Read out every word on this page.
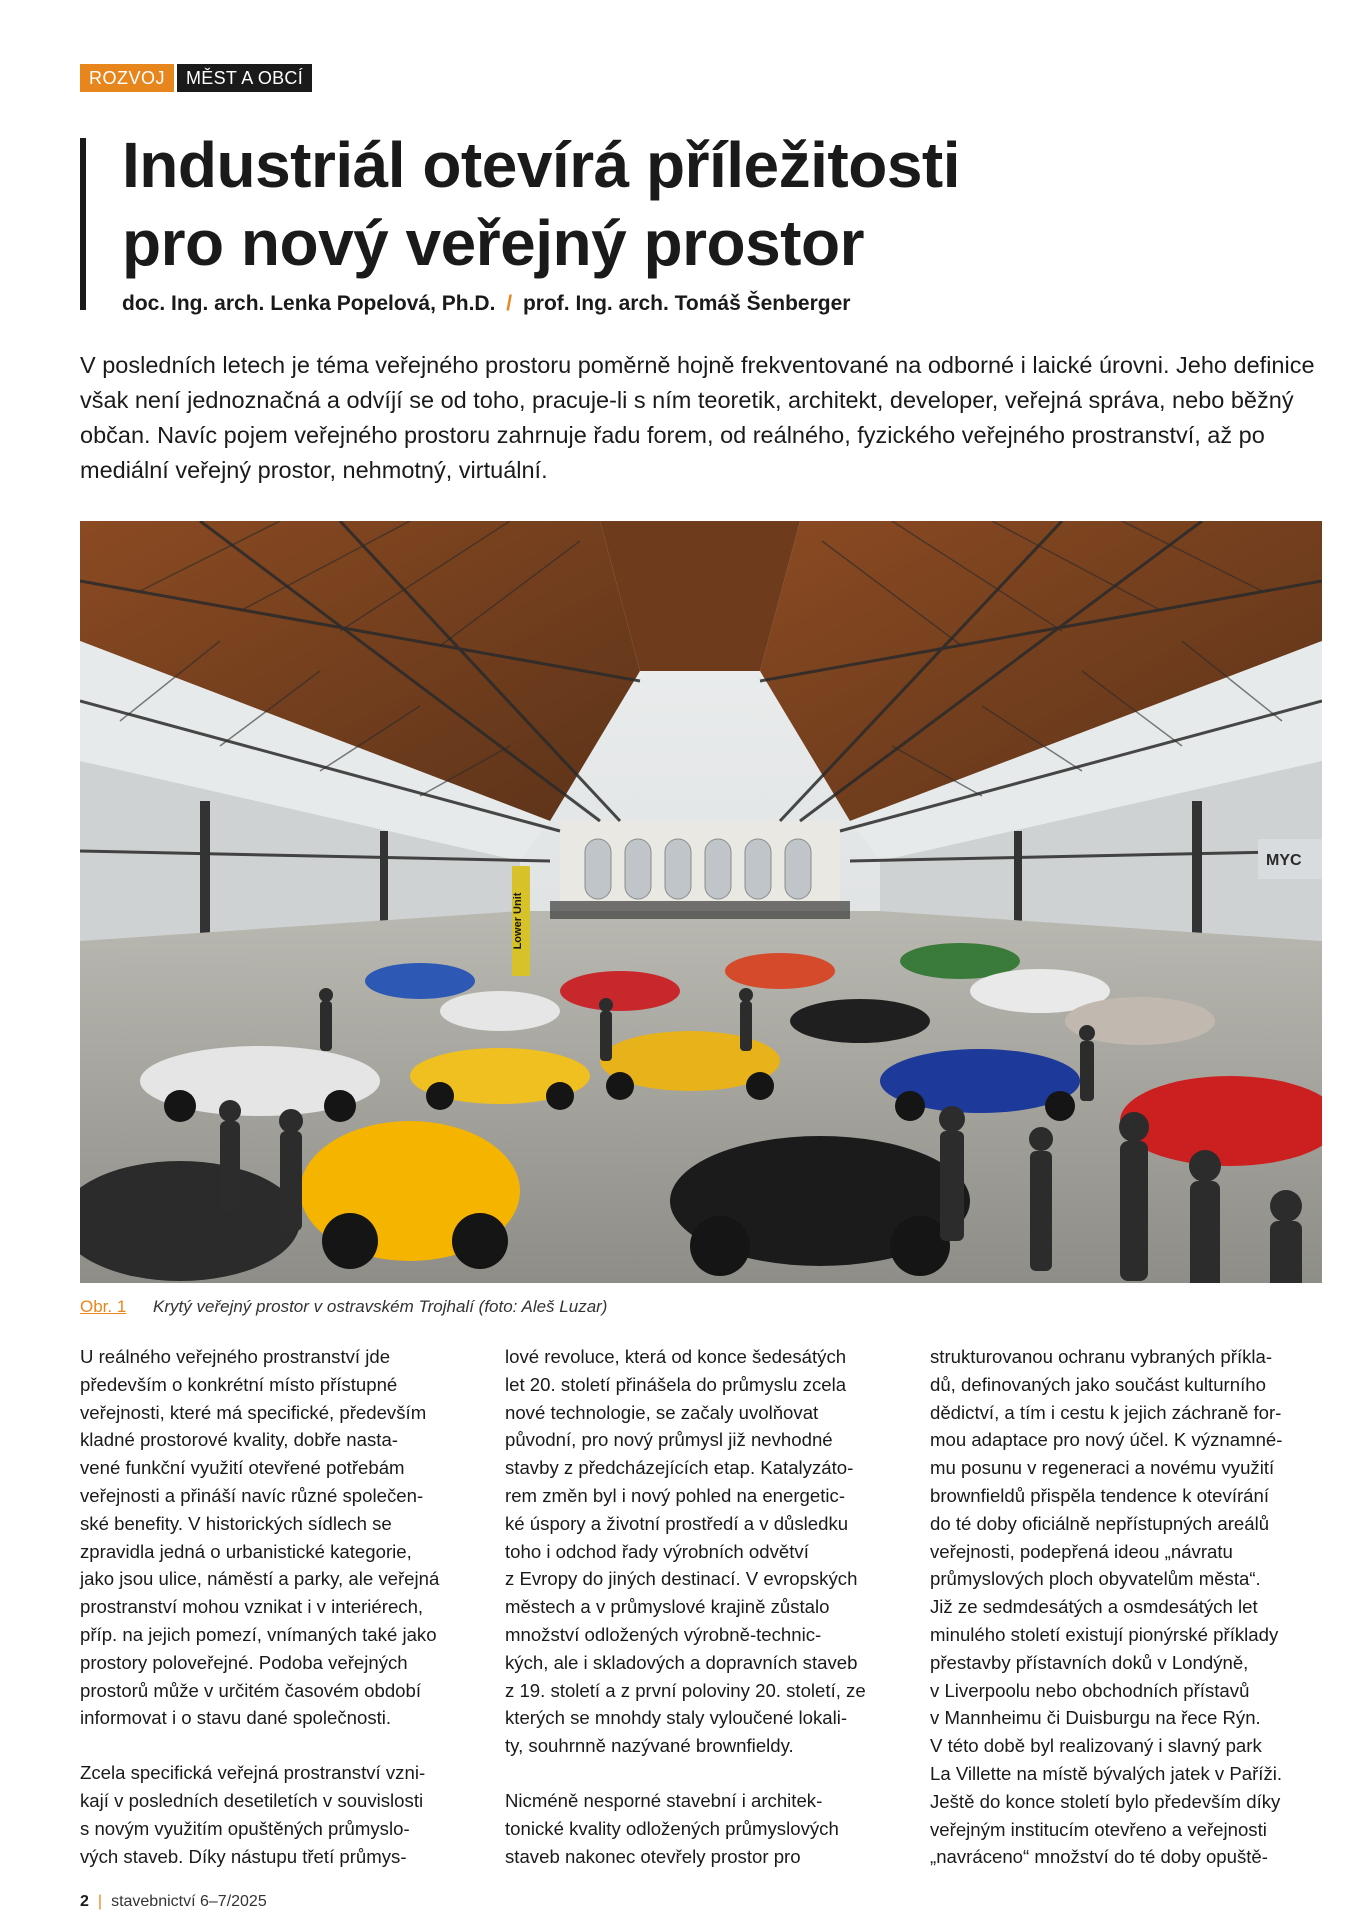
ROZVOJ	MĚST A OBCÍ
Industriál otevírá příležitosti
pro nový veřejný prostor
doc. Ing. arch. Lenka Popelová, Ph.D. / prof. Ing. arch. Tomáš Šenberger

V posledních letech je téma veřejného prostoru poměrně hojně frekventované na odborné i laické úrovni. Jeho definice však není jednoznačná a odvíjí se od toho, pracuje-li s ním teoretik, architekt, developer, veřejná správa, nebo běžný občan. Navíc pojem veřejného prostoru zahrnuje řadu forem, od reálného, fyzického veřejného prostranství, až po mediální veřejný prostor, nehmotný, virtuální.

Lower Unit
MYC
Obr. 1 Krytý veřejný prostor v ostravském Trojhalí (foto: Aleš Luzar)

U reálného veřejného prostranství jde
především o konkrétní místo přístupné
veřejnosti, které má specifické, především
kladné prostorové kvality, dobře nasta-
vené funkční využití otevřené potřebám
veřejnosti a přináší navíc různé společen-
ské benefity. V historických sídlech se
zpravidla jedná o urbanistické kategorie,
jako jsou ulice, náměstí a parky, ale veřejná
prostranství mohou vznikat i v interiérech,
příp. na jejich pomezí, vnímaných také jako
prostory poloveřejné. Podoba veřejných
prostorů může v určitém časovém období
informovat i o stavu dané společnosti.

Zcela specifická veřejná prostranství vzni-
kají v posledních desetiletích v souvislosti
s novým využitím opuštěných průmyslo-
vých staveb. Díky nástupu třetí průmys-

lové revoluce, která od konce šedesátých
let 20. století přinášela do průmyslu zcela
nové technologie, se začaly uvolňovat
původní, pro nový průmysl již nevhodné
stavby z předcházejících etap. Katalyzáto-
rem změn byl i nový pohled na energetic-
ké úspory a životní prostředí a v důsledku
toho i odchod řady výrobních odvětví
z Evropy do jiných destinací. V evropských
městech a v průmyslové krajině zůstalo
množství odložených výrobně-technic-
kých, ale i skladových a dopravních staveb
z 19. století a z první poloviny 20. století, ze
kterých se mnohdy staly vyloučené lokali-
ty, souhrnně nazývané brownfieldy.

Nicméně nesporné stavební i architek-
tonické kvality odložených průmyslových
staveb nakonec otevřely prostor pro

strukturovanou ochranu vybraných příkla-
dů, definovaných jako součást kulturního
dědictví, a tím i cestu k jejich záchraně for-
mou adaptace pro nový účel. K významné-
mu posunu v regeneraci a novému využití
brownfieldů přispěla tendence k otevírání
do té doby oficiálně nepřístupných areálů
veřejnosti, podepřená ideou „návratu
průmyslových ploch obyvatelům města“.
Již ze sedmdesátých a osmdesátých let
minulého století existují pionýrské příklady
přestavby přístavních doků v Londýně,
v Liverpoolu nebo obchodních přístavů
v Mannheimu či Duisburgu na řece Rýn.
V této době byl realizovaný i slavný park
La Villette na místě bývalých jatek v Paříži.
Ještě do konce století bylo především díky
veřejným institucím otevřeno a veřejnosti
„navráceno“ množství do té doby opuště-

2 | stavebnictví 6–7/2025
